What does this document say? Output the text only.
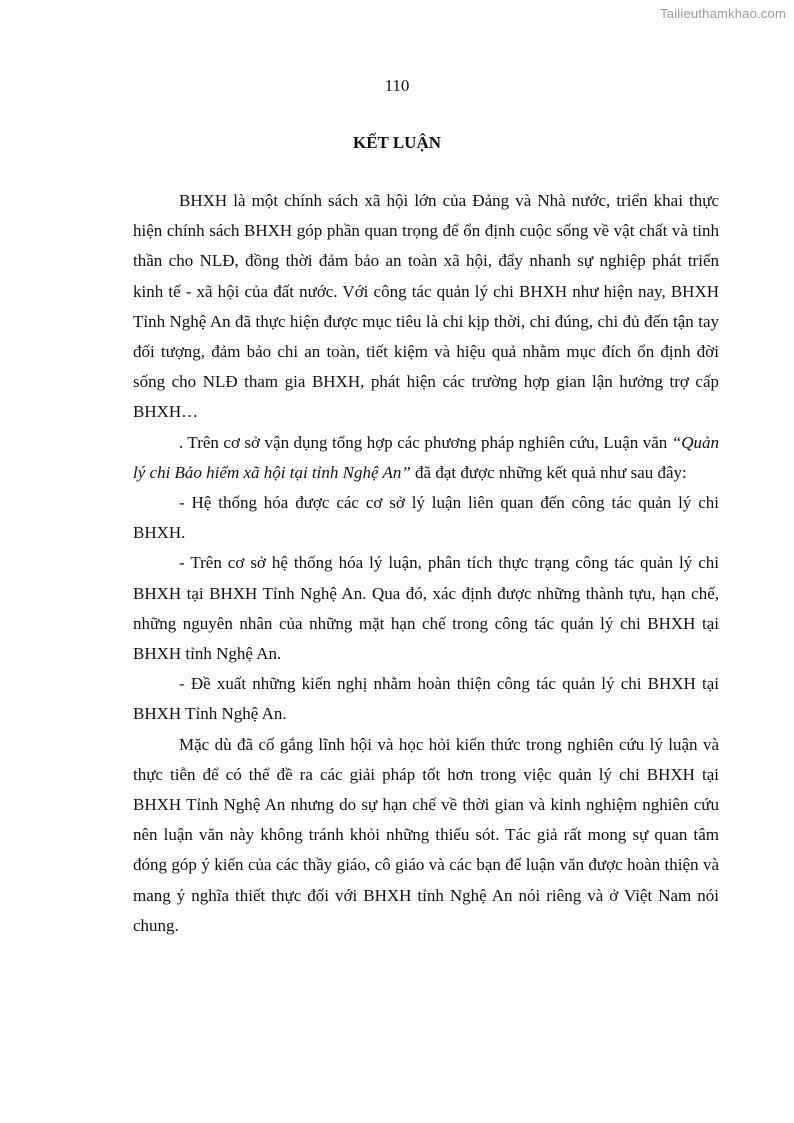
Tailieuthamkhao.com
110
KẾT LUẬN

BHXH là một chính sách xã hội lớn của Đảng và Nhà nước, triển khai thực hiện chính sách BHXH góp phần quan trọng để ổn định cuộc sống về vật chất và tinh thần cho NLĐ, đồng thời đảm bảo an toàn xã hội, đẩy nhanh sự nghiệp phát triển kinh tế - xã hội của đất nước. Với công tác quản lý chi BHXH như hiện nay, BHXH Tỉnh Nghệ An đã thực hiện được mục tiêu là chi kịp thời, chi đúng, chi đủ đến tận tay đối tượng, đảm bảo chi an toàn, tiết kiệm và hiệu quả nhằm mục đích ổn định đời sống cho NLĐ tham gia BHXH, phát hiện các trường hợp gian lận hưởng trợ cấp BHXH…

. Trên cơ sở vận dụng tổng hợp các phương pháp nghiên cứu, Luận văn “Quản lý chi Bảo hiểm xã hội tại tỉnh Nghệ An” đã đạt được những kết quả như sau đây:

- Hệ thống hóa được các cơ sở lý luận liên quan đến công tác quản lý chi BHXH.

- Trên cơ sở hệ thống hóa lý luận, phân tích thực trạng công tác quản lý chi BHXH tại BHXH Tỉnh Nghệ An. Qua đó, xác định được những thành tựu, hạn chế, những nguyên nhân của những mặt hạn chế trong công tác quản lý chi BHXH tại BHXH tỉnh Nghệ An.

- Đề xuất những kiến nghị nhằm hoàn thiện công tác quản lý chi BHXH tại BHXH Tỉnh Nghệ An.

Mặc dù đã cố gắng lĩnh hội và học hỏi kiến thức trong nghiên cứu lý luận và thực tiễn để có thể đề ra các giải pháp tốt hơn trong việc quản lý chi BHXH tại BHXH Tỉnh Nghệ An nhưng do sự hạn chế về thời gian và kinh nghiệm nghiên cứu nên luận văn này không tránh khỏi những thiếu sót. Tác giả rất mong sự quan tâm đóng góp ý kiến của các thầy giáo, cô giáo và các bạn để luận văn được hoàn thiện và mang ý nghĩa thiết thực đối với BHXH tỉnh Nghệ An nói riêng và ở Việt Nam nói chung.
